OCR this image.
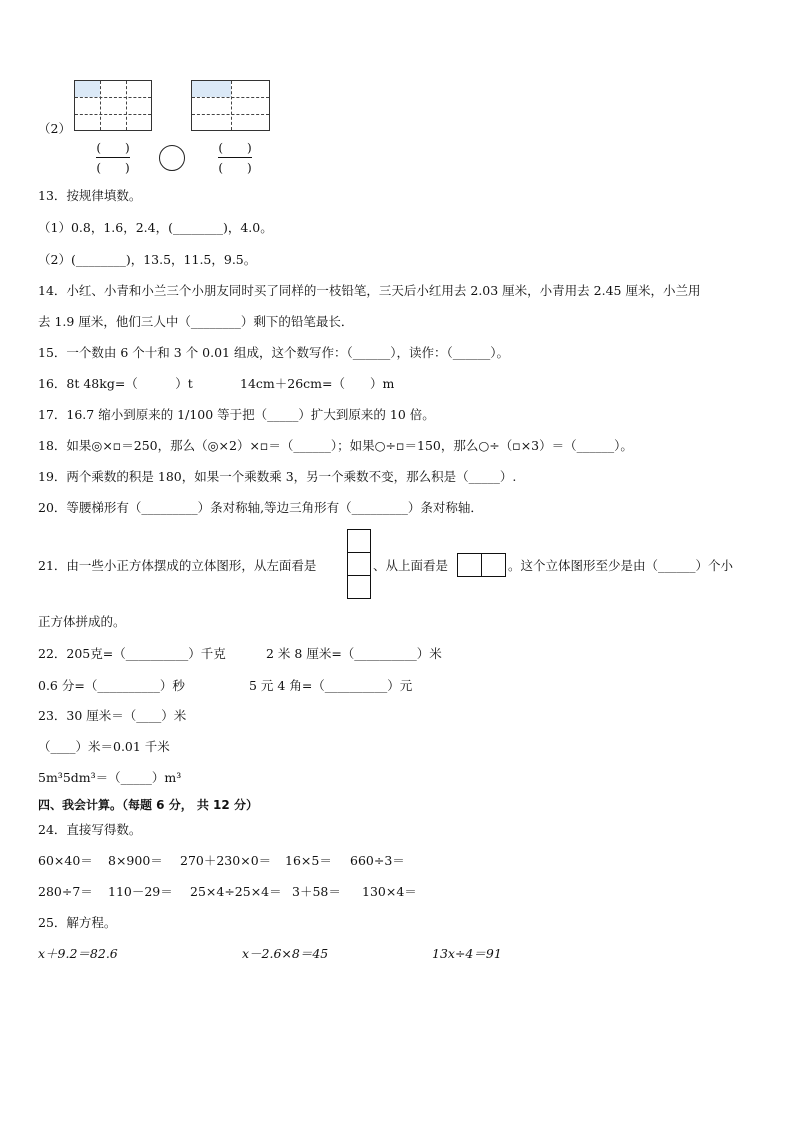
（2）
(　　)
(　　)
(　　)
(　　)
13．按规律填数。
（1）0.8，1.6，2.4，(________)，4.0。
（2）(________)，13.5，11.5，9.5。
14．小红、小青和小兰三个小朋友同时买了同样的一枝铅笔，三天后小红用去 2.03 厘米，小青用去 2.45 厘米，小兰用
去 1.9 厘米，他们三人中（________）剩下的铅笔最长．
15．一个数由 6 个十和 3 个 0.01 组成，这个数写作：（______），读作：（______）。
16．8t 48kg=（　　　）t	14cm＋26cm=（　　）m
17．16.7 缩小到原来的 1/100 等于把（_____）扩大到原来的 10 倍。
18．如果◎×▫＝250，那么（◎×2）×▫＝（______）；如果○÷▫＝150，那么○÷（▫×3）＝（______）。
19．两个乘数的积是 180，如果一个乘数乘 3，另一个乘数不变，那么积是（_____）.
20．等腰梯形有（_________）条对称轴,等边三角形有（_________）条对称轴．
21．由一些小正方体摆成的立体图形，从左面看是	、从上面看是	。这个立体图形至少是由（______）个小
正方体拼成的。
22．205克=（__________）千克	2 米 8 厘米=（__________）米
0.6 分=（__________）秒	5 元 4 角=（__________）元
23．30 厘米＝（____）米
（____）米＝0.01 千米
5m³5dm³＝（_____）m³
四、我会计算。（每题 6 分， 共 12 分）
24．直接写得数。
60×40＝ 8×900＝ 270＋230×0＝ 16×5＝ 660÷3＝
280÷7＝ 110－29＝ 25×4÷25×4＝ 3＋58＝ 130×4＝
25．解方程。
𝑥＋9.2＝82.6	𝑥－2.6×8＝45	13𝑥÷4＝91
